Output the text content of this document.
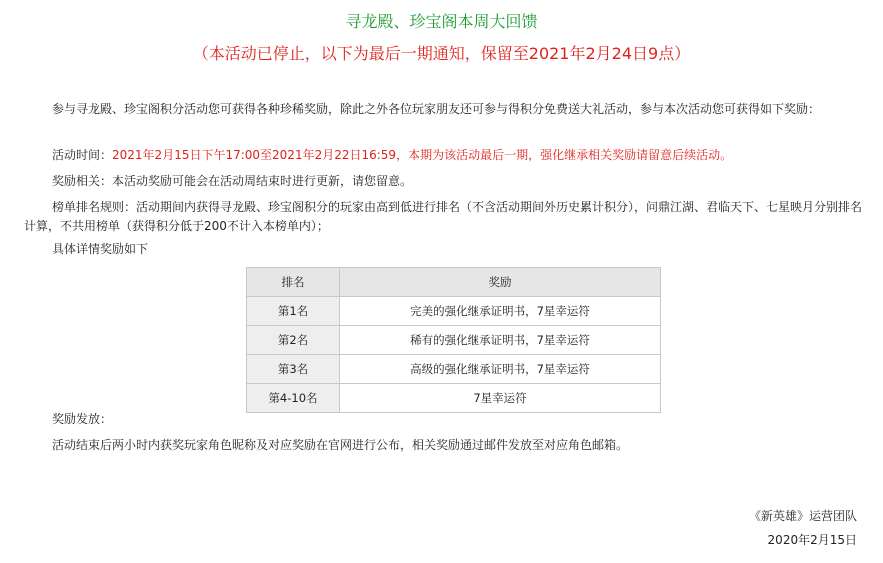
寻龙殿、珍宝阁本周大回馈
（本活动已停止，以下为最后一期通知，保留至2021年2月24日9点）

参与寻龙殿、珍宝阁积分活动您可获得各种珍稀奖励，除此之外各位玩家朋友还可参与得积分免费送大礼活动，参与本次活动您可获得如下奖励：

活动时间：2021年2月15日下午17:00至2021年2月22日16:59，本期为该活动最后一期，强化继承相关奖励请留意后续活动。

奖励相关：本活动奖励可能会在活动周结束时进行更新，请您留意。

榜单排名规则：活动期间内获得寻龙殿、珍宝阁积分的玩家由高到低进行排名（不含活动期间外历史累计积分），问鼎江湖、君临天下、七星映月分别排名计算，不共用榜单（获得积分低于200不计入本榜单内）；

具体详情奖励如下

排名	奖励
第1名	完美的强化继承证明书，7星幸运符
第2名	稀有的强化继承证明书，7星幸运符
第3名	高级的强化继承证明书，7星幸运符
第4-10名	7星幸运符

奖励发放：

活动结束后两小时内获奖玩家角色昵称及对应奖励在官网进行公布，相关奖励通过邮件发放至对应角色邮箱。

《新英雄》运营团队
2020年2月15日
